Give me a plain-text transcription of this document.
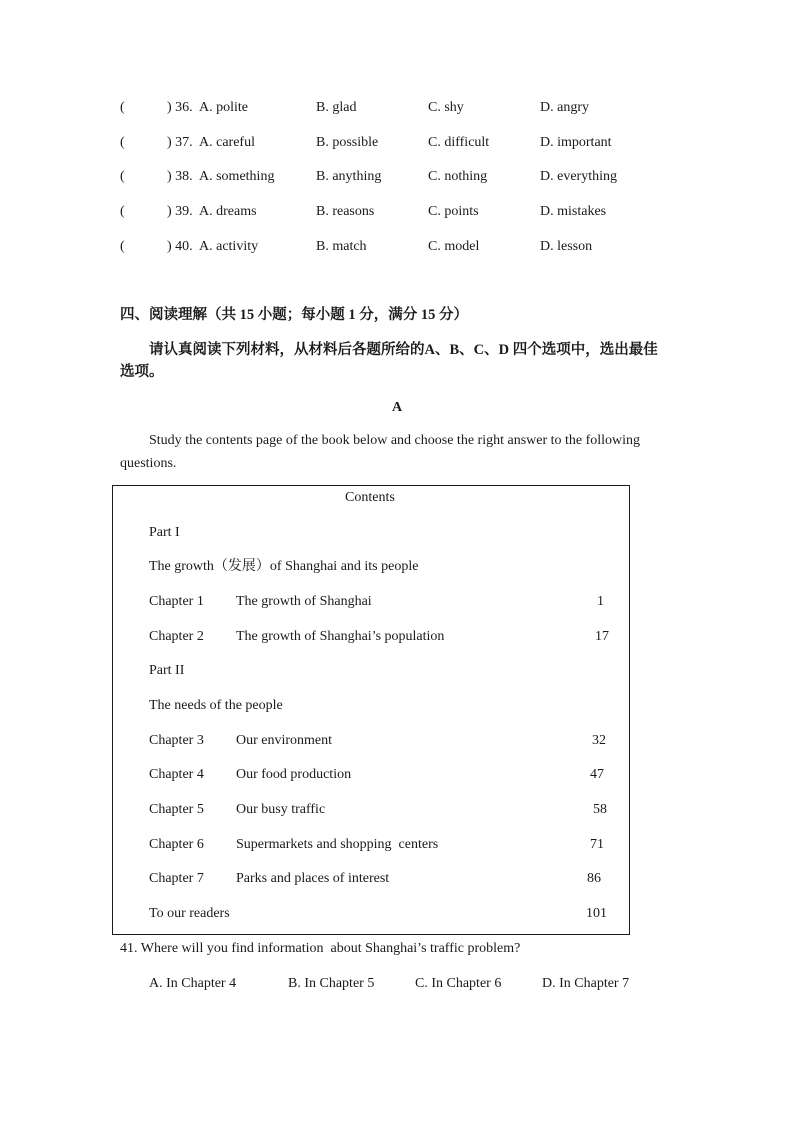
(	) 36. A. polite	B. glad	C. shy	D. angry
(	) 37. A. careful	B. possible	C. difficult	D. important
(	) 38. A. something	B. anything	C. nothing	D. everything
(	) 39. A. dreams	B. reasons	C. points	D. mistakes
(	) 40. A. activity	B. match	C. model	D. lesson
四、阅读理解（共 15 小题；每小题 1 分，满分 15 分）
请认真阅读下列材料，从材料后各题所给的A、B、C、D 四个选项中，选出最佳
选项。
A
Study the contents page of the book below and choose the right answer to the following
questions.
Contents
Part I
The growth（发展）of Shanghai and its people
Chapter 1 The growth of Shanghai	1
Chapter 2 The growth of Shanghai’s population	17
Part II
The needs of the people
Chapter 3 Our environment	32
Chapter 4 Our food production	47
Chapter 5 Our busy traffic	58
Chapter 6 Supermarkets and shopping  centers	71
Chapter 7 Parks and places of interest	86
To our readers	101
41. Where will you find information  about Shanghai’s traffic problem?
A. In Chapter 4	B. In Chapter 5	C. In Chapter 6	D. In Chapter 7
